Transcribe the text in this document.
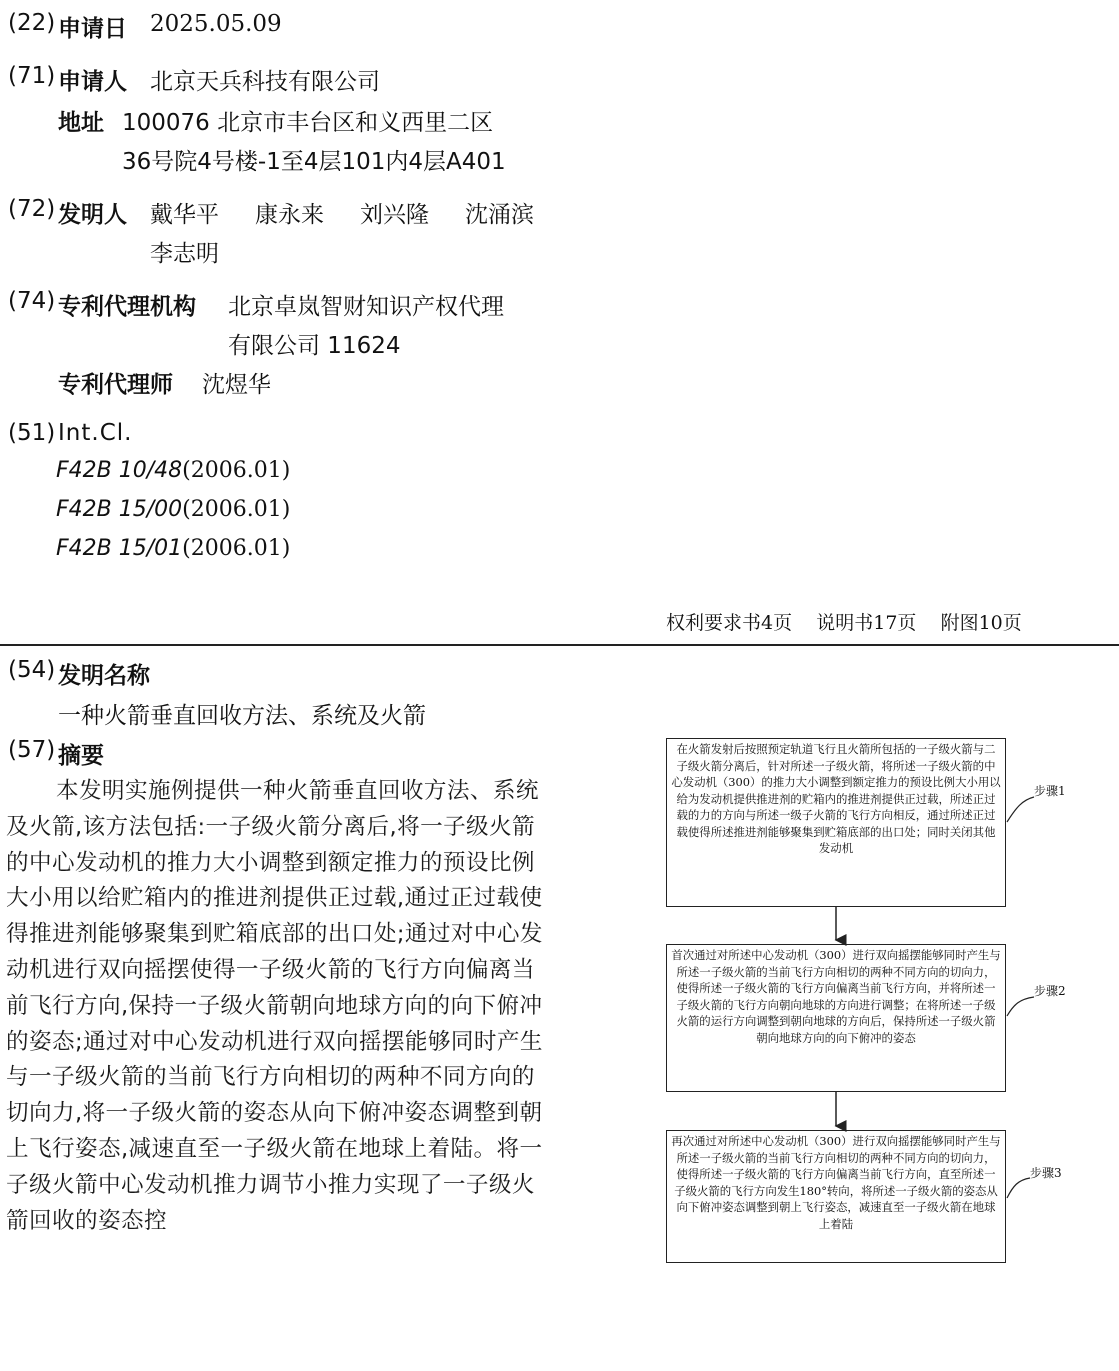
(22) 申请日 2025.05.09
(71) 申请人 北京天兵科技有限公司
地址 100076 北京市丰台区和义西里二区
36号院4号楼-1至4层101内4层A401
(72) 发明人 戴华平 康永来 刘兴隆 沈涌滨
李志明
(74) 专利代理机构 北京卓岚智财知识产权代理
有限公司 11624
专利代理师 沈煜华
(51) Int.Cl.
F42B 10/48(2006.01)
F42B 15/00(2006.01)
F42B 15/01(2006.01)
权利要求书4页    说明书17页    附图10页
(54) 发明名称
一种火箭垂直回收方法、系统及火箭
(57) 摘要
本发明实施例提供一种火箭垂直回收方法、系统及火箭,该方法包括:一子级火箭分离后,将一子级火箭的中心发动机的推力大小调整到额定推力的预设比例大小用以给贮箱内的推进剂提供正过载,通过正过载使得推进剂能够聚集到贮箱底部的出口处;通过对中心发动机进行双向摇摆使得一子级火箭的飞行方向偏离当前飞行方向,保持一子级火箭朝向地球方向的向下俯冲的姿态;通过对中心发动机进行双向摇摆能够同时产生与一子级火箭的当前飞行方向相切的两种不同方向的切向力,将一子级火箭的姿态从向下俯冲姿态调整到朝上飞行姿态,减速直至一子级火箭在地球上着陆。将一子级火箭中心发动机推力调节小推力实现了一子级火箭回收的姿态控
在火箭发射后按照预定轨道飞行且火箭所包括的一子级火箭与二子级火箭分离后，针对所述一子级火箭，将所述一子级火箭的中心发动机（300）的推力大小调整到额定推力的预设比例大小用以给为发动机提供推进剂的贮箱内的推进剂提供正过载，所述正过载的力的方向与所述一级子火箭的飞行方向相反，通过所述正过载使得所述推进剂能够聚集到贮箱底部的出口处；同时关闭其他发动机
首次通过对所述中心发动机（300）进行双向摇摆能够同时产生与所述一子级火箭的当前飞行方向相切的两种不同方向的切向力，使得所述一子级火箭的飞行方向偏离当前飞行方向，并将所述一子级火箭的飞行方向朝向地球的方向进行调整；在将所述一子级火箭的运行方向调整到朝向地球的方向后，保持所述一子级火箭朝向地球方向的向下俯冲的姿态
再次通过对所述中心发动机（300）进行双向摇摆能够同时产生与所述一子级火箭的当前飞行方向相切的两种不同方向的切向力，使得所述一子级火箭的飞行方向偏离当前飞行方向，直至所述一子级火箭的飞行方向发生180°转向，将所述一子级火箭的姿态从向下俯冲姿态调整到朝上飞行姿态，减速直至一子级火箭在地球上着陆
步骤1
步骤2
步骤3
